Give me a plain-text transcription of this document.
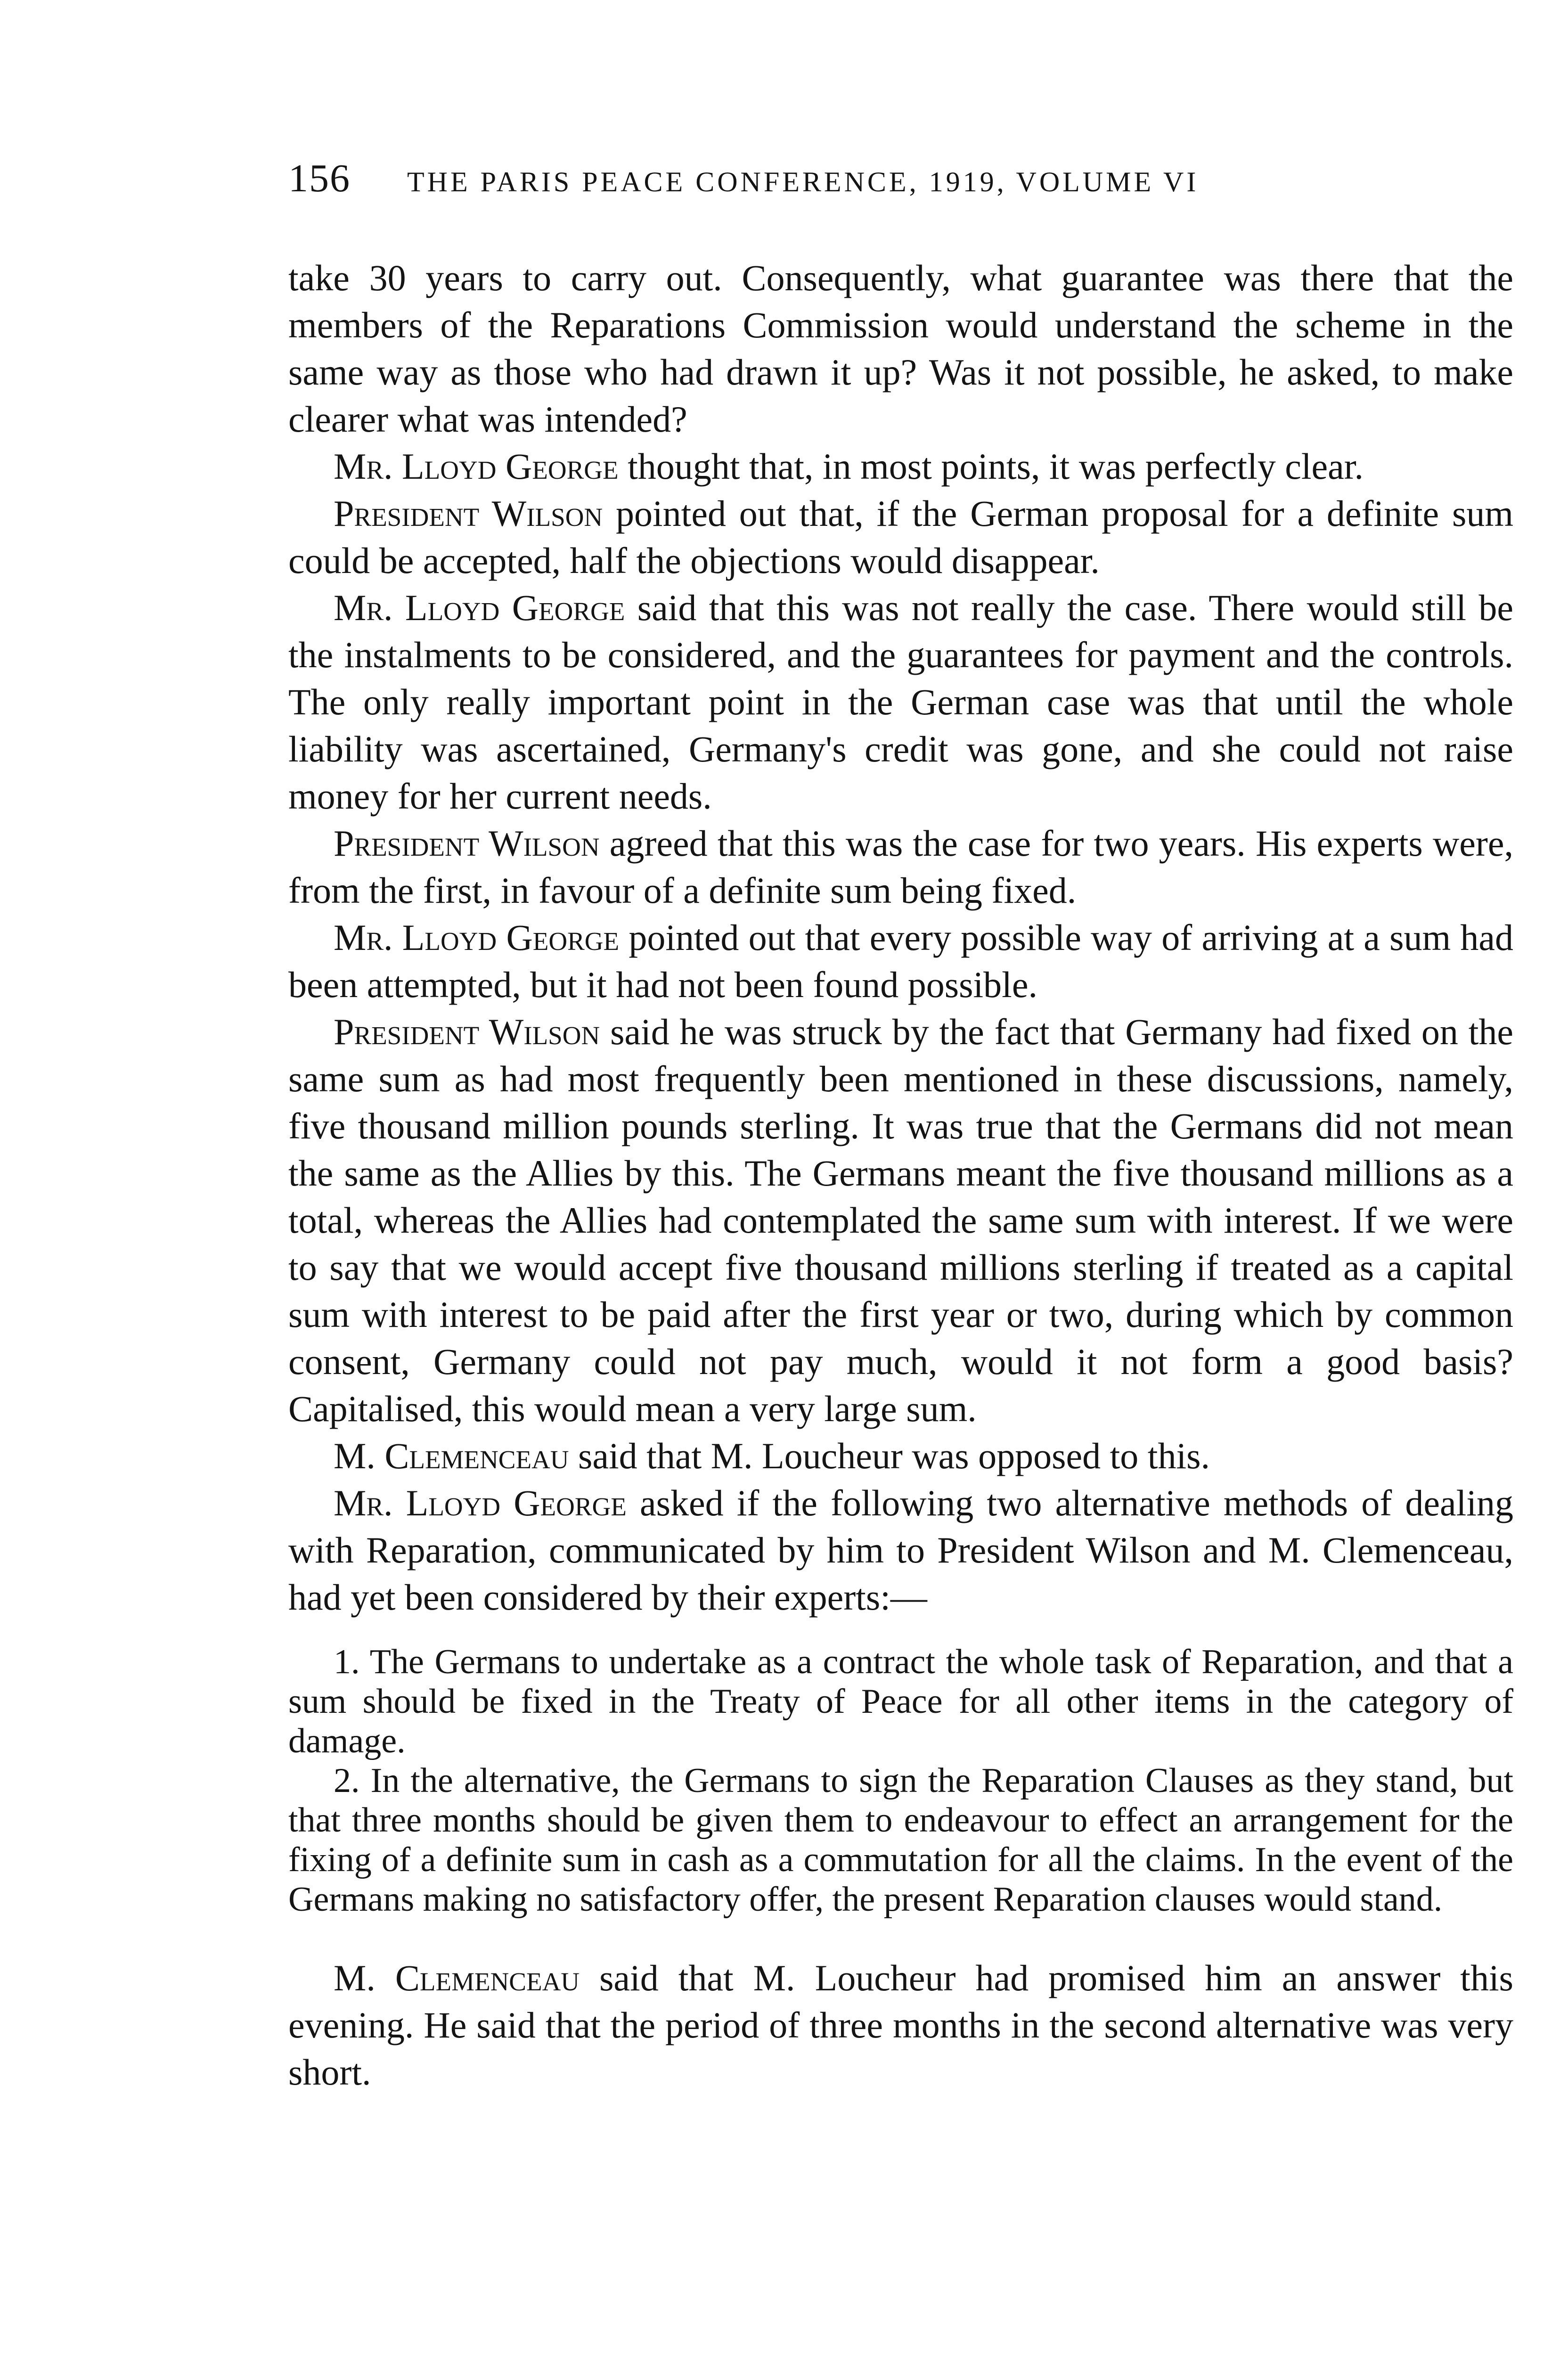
156 THE PARIS PEACE CONFERENCE, 1919, VOLUME VI

take 30 years to carry out. Consequently, what guarantee was there that the members of the Reparations Commission would understand the scheme in the same way as those who had drawn it up? Was it not possible, he asked, to make clearer what was intended?

Mr. Lloyd George thought that, in most points, it was perfectly clear.

President Wilson pointed out that, if the German proposal for a definite sum could be accepted, half the objections would disappear.

Mr. Lloyd George said that this was not really the case. There would still be the instalments to be considered, and the guarantees for payment and the controls. The only really important point in the German case was that until the whole liability was ascertained, Germany's credit was gone, and she could not raise money for her current needs.

President Wilson agreed that this was the case for two years. His experts were, from the first, in favour of a definite sum being fixed.

Mr. Lloyd George pointed out that every possible way of arriving at a sum had been attempted, but it had not been found possible.

President Wilson said he was struck by the fact that Germany had fixed on the same sum as had most frequently been mentioned in these discussions, namely, five thousand million pounds sterling. It was true that the Germans did not mean the same as the Allies by this. The Germans meant the five thousand millions as a total, whereas the Allies had contemplated the same sum with interest. If we were to say that we would accept five thousand millions sterling if treated as a capital sum with interest to be paid after the first year or two, during which by common consent, Germany could not pay much, would it not form a good basis? Capitalised, this would mean a very large sum.

M. Clemenceau said that M. Loucheur was opposed to this.

Mr. Lloyd George asked if the following two alternative methods of dealing with Reparation, communicated by him to President Wilson and M. Clemenceau, had yet been considered by their experts:—

1. The Germans to undertake as a contract the whole task of Reparation, and that a sum should be fixed in the Treaty of Peace for all other items in the category of damage.

2. In the alternative, the Germans to sign the Reparation Clauses as they stand, but that three months should be given them to endeavour to effect an arrangement for the fixing of a definite sum in cash as a commutation for all the claims. In the event of the Germans making no satisfactory offer, the present Reparation clauses would stand.

M. Clemenceau said that M. Loucheur had promised him an answer this evening. He said that the period of three months in the second alternative was very short.
